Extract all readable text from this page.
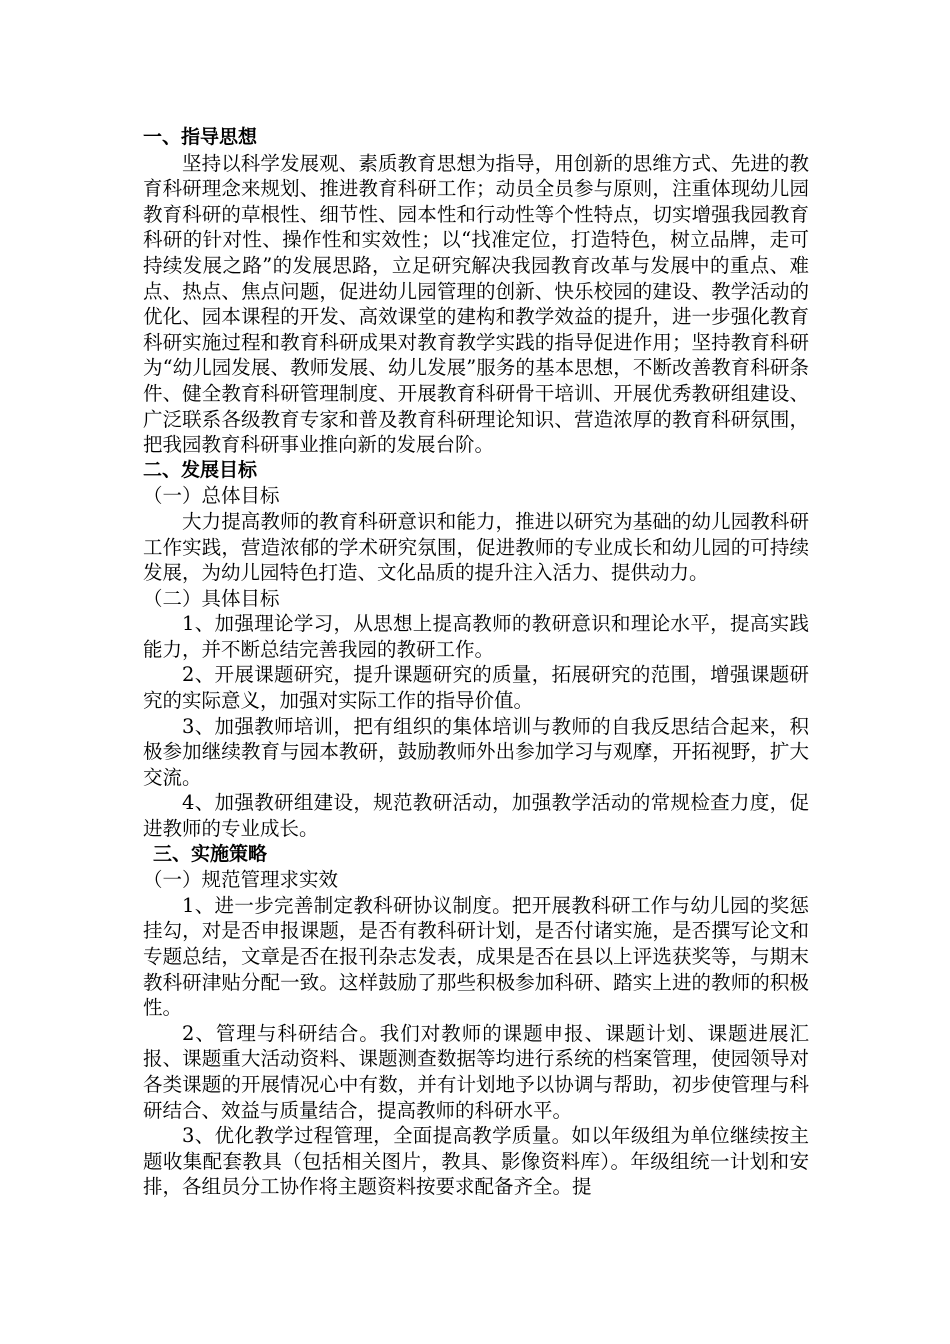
一、指导思想

坚持以科学发展观、素质教育思想为指导，用创新的思维方式、先进的教育科研理念来规划、推进教育科研工作；动员全员参与原则，注重体现幼儿园教育科研的草根性、细节性、园本性和行动性等个性特点，切实增强我园教育科研的针对性、操作性和实效性；以“找准定位，打造特色，树立品牌，走可持续发展之路”的发展思路，立足研究解决我园教育改革与发展中的重点、难点、热点、焦点问题，促进幼儿园管理的创新、快乐校园的建设、教学活动的优化、园本课程的开发、高效课堂的建构和教学效益的提升，进一步强化教育科研实施过程和教育科研成果对教育教学实践的指导促进作用；坚持教育科研为“幼儿园发展、教师发展、幼儿发展”服务的基本思想，不断改善教育科研条件、健全教育科研管理制度、开展教育科研骨干培训、开展优秀教研组建设、广泛联系各级教育专家和普及教育科研理论知识、营造浓厚的教育科研氛围，把我园教育科研事业推向新的发展台阶。

二、发展目标

（一）总体目标

大力提高教师的教育科研意识和能力，推进以研究为基础的幼儿园教科研工作实践，营造浓郁的学术研究氛围，促进教师的专业成长和幼儿园的可持续发展，为幼儿园特色打造、文化品质的提升注入活力、提供动力。

（二）具体目标

1、加强理论学习，从思想上提高教师的教研意识和理论水平，提高实践能力，并不断总结完善我园的教研工作。

2、开展课题研究，提升课题研究的质量，拓展研究的范围，增强课题研究的实际意义，加强对实际工作的指导价值。

3、加强教师培训，把有组织的集体培训与教师的自我反思结合起来，积极参加继续教育与园本教研，鼓励教师外出参加学习与观摩，开拓视野，扩大交流。

4、加强教研组建设，规范教研活动，加强教学活动的常规检查力度，促进教师的专业成长。

三、实施策略

（一）规范管理求实效

1、进一步完善制定教科研协议制度。把开展教科研工作与幼儿园的奖惩挂勾，对是否申报课题，是否有教科研计划，是否付诸实施，是否撰写论文和专题总结，文章是否在报刊杂志发表，成果是否在县以上评选获奖等，与期末教科研津贴分配一致。这样鼓励了那些积极参加科研、踏实上进的教师的积极性。

2、管理与科研结合。我们对教师的课题申报、课题计划、课题进展汇报、课题重大活动资料、课题测查数据等均进行系统的档案管理，使园领导对各类课题的开展情况心中有数，并有计划地予以协调与帮助，初步使管理与科研结合、效益与质量结合，提高教师的科研水平。

3、优化教学过程管理，全面提高教学质量。如以年级组为单位继续按主题收集配套教具（包括相关图片，教具、影像资料库）。年级组统一计划和安排，各组员分工协作将主题资料按要求配备齐全。提
